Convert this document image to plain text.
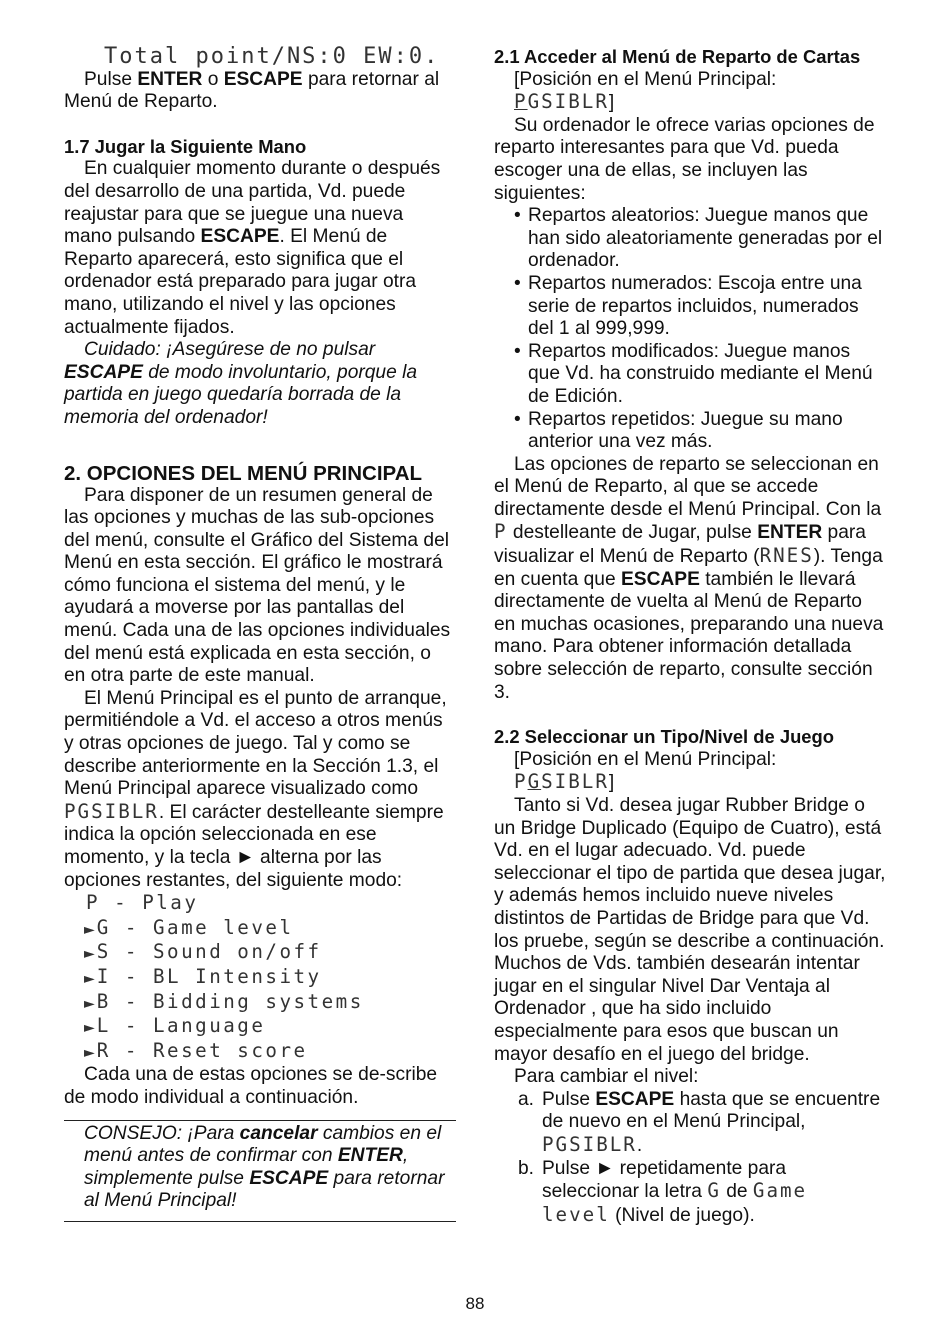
Total point/NS:0 EW:0.

Pulse ENTER o ESCAPE para retornar al Menú de Reparto.

1.7 Jugar la Siguiente Mano

En cualquier momento durante o después del desarrollo de una partida, Vd. puede reajustar para que se juegue una nueva mano pulsando ESCAPE. El Menú de Reparto aparecerá, esto significa que el ordenador está preparado para jugar otra mano, utilizando el nivel y las opciones actualmente fijados.

Cuidado: ¡Asegúrese de no pulsar ESCAPE de modo involuntario, porque la partida en juego quedaría borrada de la memoria del ordenador!

2. OPCIONES DEL MENÚ PRINCIPAL

Para disponer de un resumen general de las opciones y muchas de las sub-opciones del menú, consulte el Gráfico del Sistema del Menú en esta sección. El gráfico le mostrará cómo funciona el sistema del menú, y le ayudará a moverse por las pantallas del menú. Cada una de las opciones individuales del menú está explicada en esta sección, o en otra parte de este manual.

El Menú Principal es el punto de arranque, permitiéndole a Vd. el acceso a otros menús y otras opciones de juego. Tal y como se describe anteriormente en la Sección 1.3, el Menú Principal aparece visualizado como PGSIBLR. El carácter destelleante siempre indica la opción seleccionada en ese momento, y la tecla ► alterna por las opciones restantes, del siguiente modo:

P - Play
► G - Game level
► S - Sound on/off
► I - BL Intensity
► B - Bidding systems
► L - Language
► R - Reset score

Cada una de estas opciones se de-scribe de modo individual a continuación.

CONSEJO: ¡Para cancelar cambios en el menú antes de confirmar con ENTER, simplemente pulse ESCAPE para retornar al Menú Principal!

2.1 Acceder al Menú de Reparto de Cartas

[Posición en el Menú Principal:

PGSIBLR]

Su ordenador le ofrece varias opciones de reparto interesantes para que Vd. pueda escoger una de ellas, se incluyen las siguientes:

• Repartos aleatorios: Juegue manos que han sido aleatoriamente generadas por el ordenador.
• Repartos numerados: Escoja entre una serie de repartos incluidos, numerados del 1 al 999,999.
• Repartos modificados: Juegue manos que Vd. ha construido mediante el Menú de Edición.
• Repartos repetidos: Juegue su mano anterior una vez más.

Las opciones de reparto se seleccionan en el Menú de Reparto, al que se accede directamente desde el Menú Principal. Con la P destelleante de Jugar, pulse ENTER para visualizar el Menú de Reparto (RNES). Tenga en cuenta que ESCAPE también le llevará directamente de vuelta al Menú de Reparto en muchas ocasiones, preparando una nueva mano. Para obtener información detallada sobre selección de reparto, consulte sección 3.

2.2 Seleccionar un Tipo/Nivel de Juego

[Posición en el Menú Principal:

PGSIBLR]

Tanto si Vd. desea jugar Rubber Bridge o un Bridge Duplicado (Equipo de Cuatro), está Vd. en el lugar adecuado. Vd. puede seleccionar el tipo de partida que desea jugar, y además hemos incluido nueve niveles distintos de Partidas de Bridge para que Vd. los pruebe, según se describe a continuación. Muchos de Vds. también desearán intentar jugar en el singular Nivel Dar Ventaja al Ordenador , que ha sido incluido especialmente para esos que buscan un mayor desafío en el juego del bridge.

Para cambiar el nivel:

a. Pulse ESCAPE hasta que se encuentre de nuevo en el Menú Principal, PGSIBLR.
b. Pulse ► repetidamente para seleccionar la letra G de Game level (Nivel de juego).
88
